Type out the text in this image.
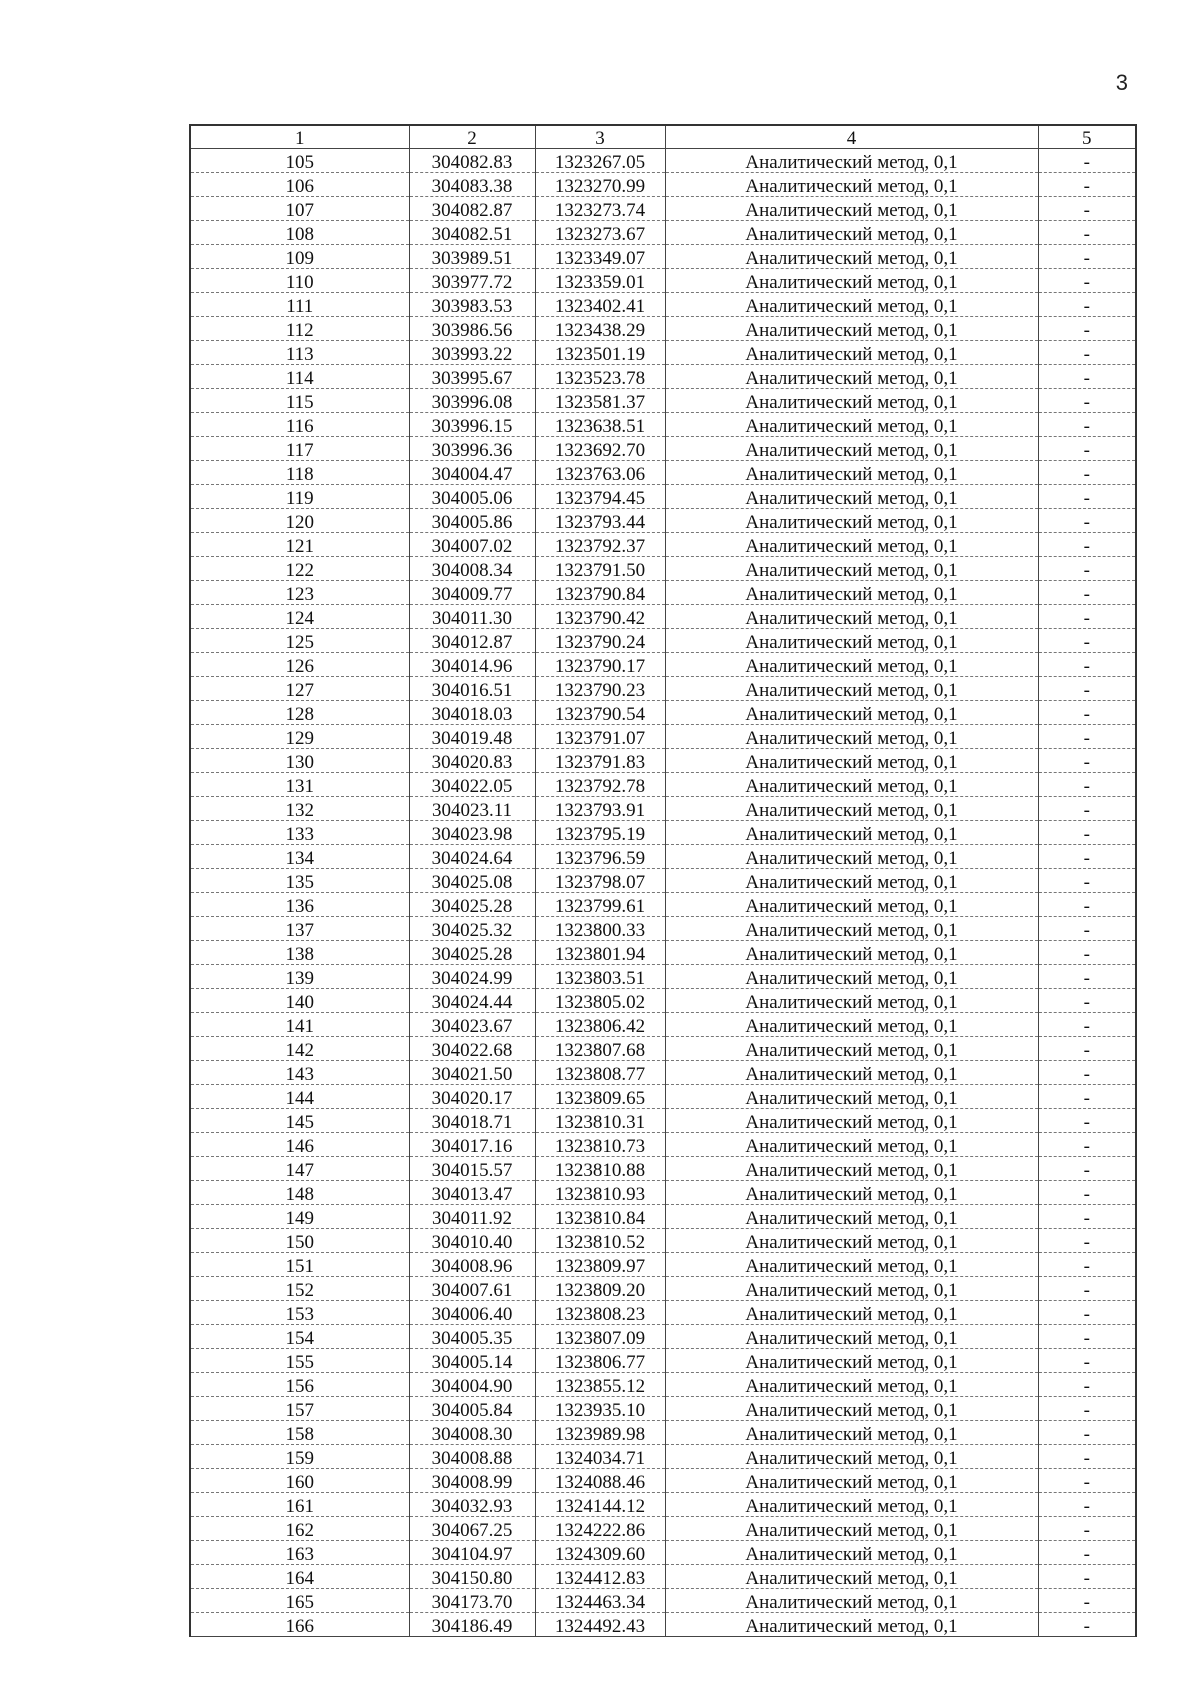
3
1	2	3	4	5
105	304082.83	1323267.05	Аналитический метод, 0,1	-
106	304083.38	1323270.99	Аналитический метод, 0,1	-
107	304082.87	1323273.74	Аналитический метод, 0,1	-
108	304082.51	1323273.67	Аналитический метод, 0,1	-
109	303989.51	1323349.07	Аналитический метод, 0,1	-
110	303977.72	1323359.01	Аналитический метод, 0,1	-
111	303983.53	1323402.41	Аналитический метод, 0,1	-
112	303986.56	1323438.29	Аналитический метод, 0,1	-
113	303993.22	1323501.19	Аналитический метод, 0,1	-
114	303995.67	1323523.78	Аналитический метод, 0,1	-
115	303996.08	1323581.37	Аналитический метод, 0,1	-
116	303996.15	1323638.51	Аналитический метод, 0,1	-
117	303996.36	1323692.70	Аналитический метод, 0,1	-
118	304004.47	1323763.06	Аналитический метод, 0,1	-
119	304005.06	1323794.45	Аналитический метод, 0,1	-
120	304005.86	1323793.44	Аналитический метод, 0,1	-
121	304007.02	1323792.37	Аналитический метод, 0,1	-
122	304008.34	1323791.50	Аналитический метод, 0,1	-
123	304009.77	1323790.84	Аналитический метод, 0,1	-
124	304011.30	1323790.42	Аналитический метод, 0,1	-
125	304012.87	1323790.24	Аналитический метод, 0,1	-
126	304014.96	1323790.17	Аналитический метод, 0,1	-
127	304016.51	1323790.23	Аналитический метод, 0,1	-
128	304018.03	1323790.54	Аналитический метод, 0,1	-
129	304019.48	1323791.07	Аналитический метод, 0,1	-
130	304020.83	1323791.83	Аналитический метод, 0,1	-
131	304022.05	1323792.78	Аналитический метод, 0,1	-
132	304023.11	1323793.91	Аналитический метод, 0,1	-
133	304023.98	1323795.19	Аналитический метод, 0,1	-
134	304024.64	1323796.59	Аналитический метод, 0,1	-
135	304025.08	1323798.07	Аналитический метод, 0,1	-
136	304025.28	1323799.61	Аналитический метод, 0,1	-
137	304025.32	1323800.33	Аналитический метод, 0,1	-
138	304025.28	1323801.94	Аналитический метод, 0,1	-
139	304024.99	1323803.51	Аналитический метод, 0,1	-
140	304024.44	1323805.02	Аналитический метод, 0,1	-
141	304023.67	1323806.42	Аналитический метод, 0,1	-
142	304022.68	1323807.68	Аналитический метод, 0,1	-
143	304021.50	1323808.77	Аналитический метод, 0,1	-
144	304020.17	1323809.65	Аналитический метод, 0,1	-
145	304018.71	1323810.31	Аналитический метод, 0,1	-
146	304017.16	1323810.73	Аналитический метод, 0,1	-
147	304015.57	1323810.88	Аналитический метод, 0,1	-
148	304013.47	1323810.93	Аналитический метод, 0,1	-
149	304011.92	1323810.84	Аналитический метод, 0,1	-
150	304010.40	1323810.52	Аналитический метод, 0,1	-
151	304008.96	1323809.97	Аналитический метод, 0,1	-
152	304007.61	1323809.20	Аналитический метод, 0,1	-
153	304006.40	1323808.23	Аналитический метод, 0,1	-
154	304005.35	1323807.09	Аналитический метод, 0,1	-
155	304005.14	1323806.77	Аналитический метод, 0,1	-
156	304004.90	1323855.12	Аналитический метод, 0,1	-
157	304005.84	1323935.10	Аналитический метод, 0,1	-
158	304008.30	1323989.98	Аналитический метод, 0,1	-
159	304008.88	1324034.71	Аналитический метод, 0,1	-
160	304008.99	1324088.46	Аналитический метод, 0,1	-
161	304032.93	1324144.12	Аналитический метод, 0,1	-
162	304067.25	1324222.86	Аналитический метод, 0,1	-
163	304104.97	1324309.60	Аналитический метод, 0,1	-
164	304150.80	1324412.83	Аналитический метод, 0,1	-
165	304173.70	1324463.34	Аналитический метод, 0,1	-
166	304186.49	1324492.43	Аналитический метод, 0,1	-
